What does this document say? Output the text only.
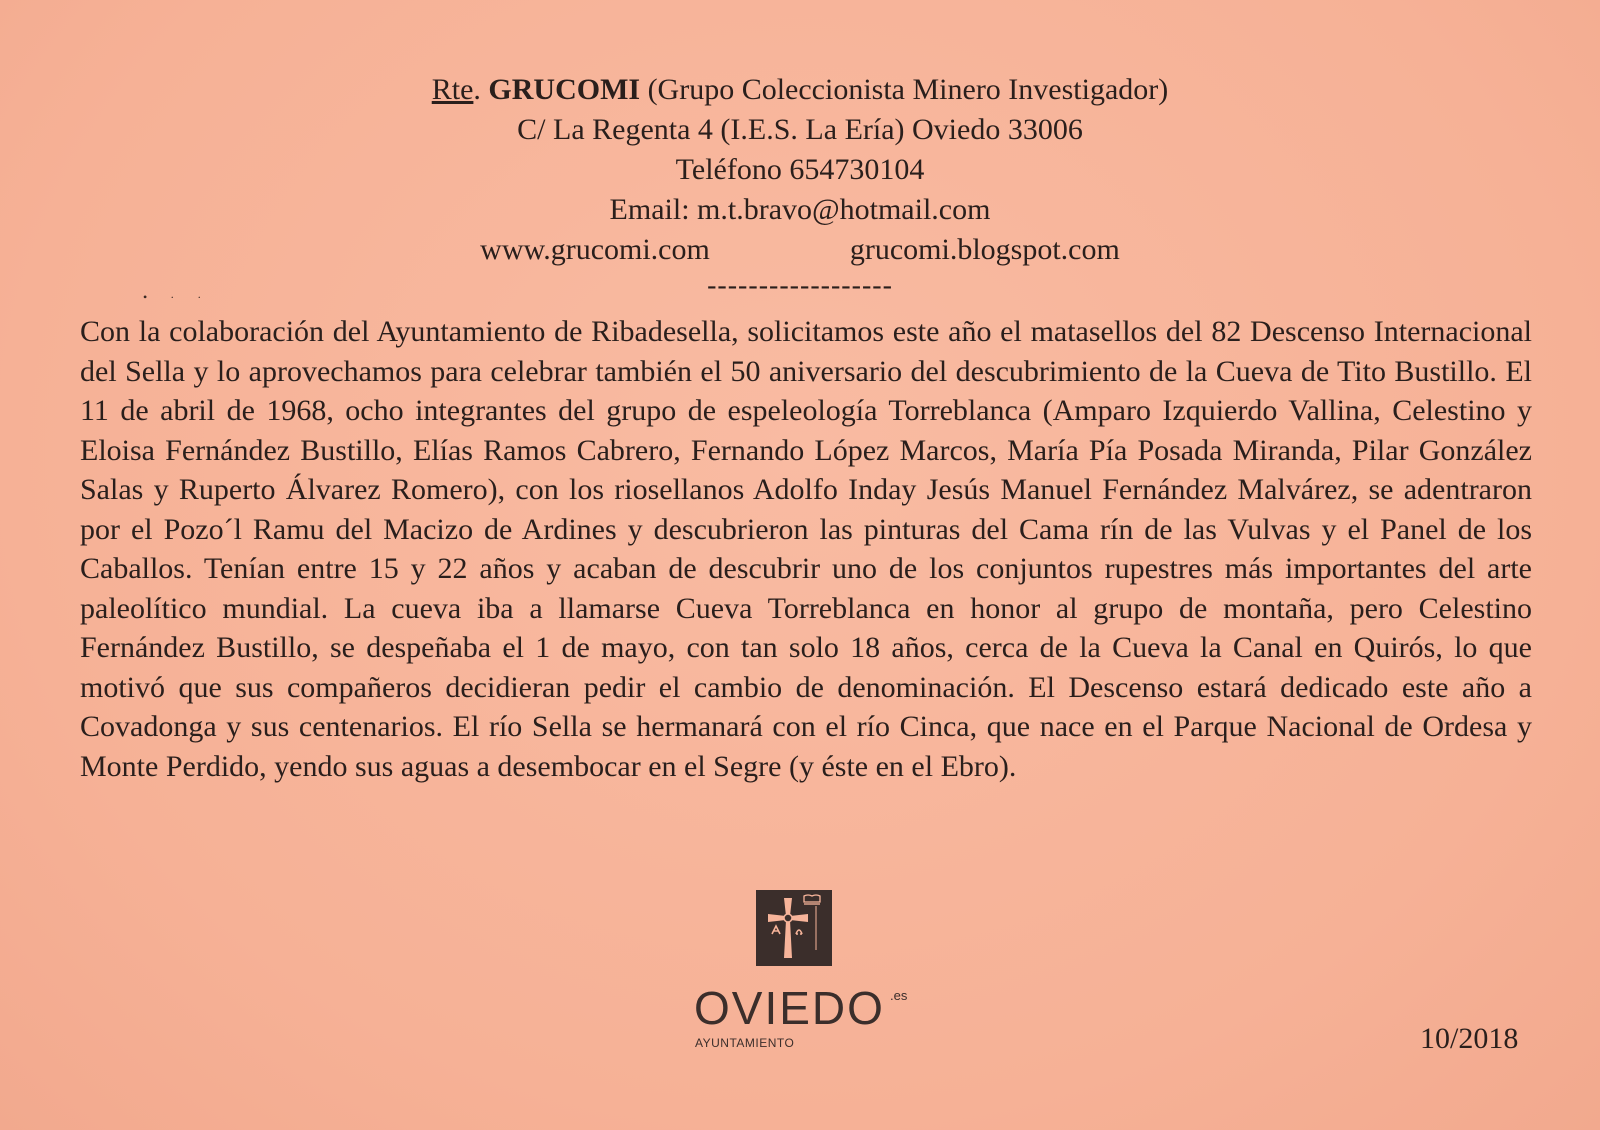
Rte. GRUCOMI (Grupo Coleccionista Minero Investigador)
C/ La Regenta 4 (I.E.S. La Ería) Oviedo 33006
Teléfono 654730104
Email: m.t.bravo@hotmail.com
www.grucomi.com	grucomi.blogspot.com
------------------
• · ·
Con la colaboración del Ayuntamiento de Ribadesella, solicitamos este año el matasellos del 82 Descenso Internacional del Sella y lo aprovechamos para celebrar también el 50 aniversario del descubrimiento de la Cueva de Tito Bustillo. El 11 de abril de 1968, ocho integrantes del grupo de espeleología Torreblanca (Amparo Izquierdo Vallina, Celestino y Eloisa Fernández Bustillo, Elías Ramos Cabrero, Fernando López Marcos, María Pía Posada Miranda, Pilar González Salas y Ruperto Álvarez Romero), con los riosellanos Adolfo Inday Jesús Manuel Fernández Malvárez, se adentraron por el Pozo´l Ramu del Macizo de Ardines y descubrieron las pinturas del Cama rín de las Vulvas y el Panel de los Caballos. Tenían entre 15 y 22 años y acaban de descubrir uno de los conjuntos rupestres más importantes del arte paleolítico mundial. La cueva iba a llamarse Cueva Torreblanca en honor al grupo de montaña, pero Celestino Fernández Bustillo, se despeñaba el 1 de mayo, con tan solo 18 años, cerca de la Cueva la Canal en Quirós, lo que motivó que sus compañeros decidieran pedir el cambio de denominación. El Descenso estará dedicado este año a Covadonga y sus centenarios. El río Sella se hermanará con el río Cinca, que nace en el Parque Nacional de Ordesa y Monte Perdido, yendo sus aguas a desembocar en el Segre (y éste en el Ebro).
OVIEDO .es
AYUNTAMIENTO	10/2018
